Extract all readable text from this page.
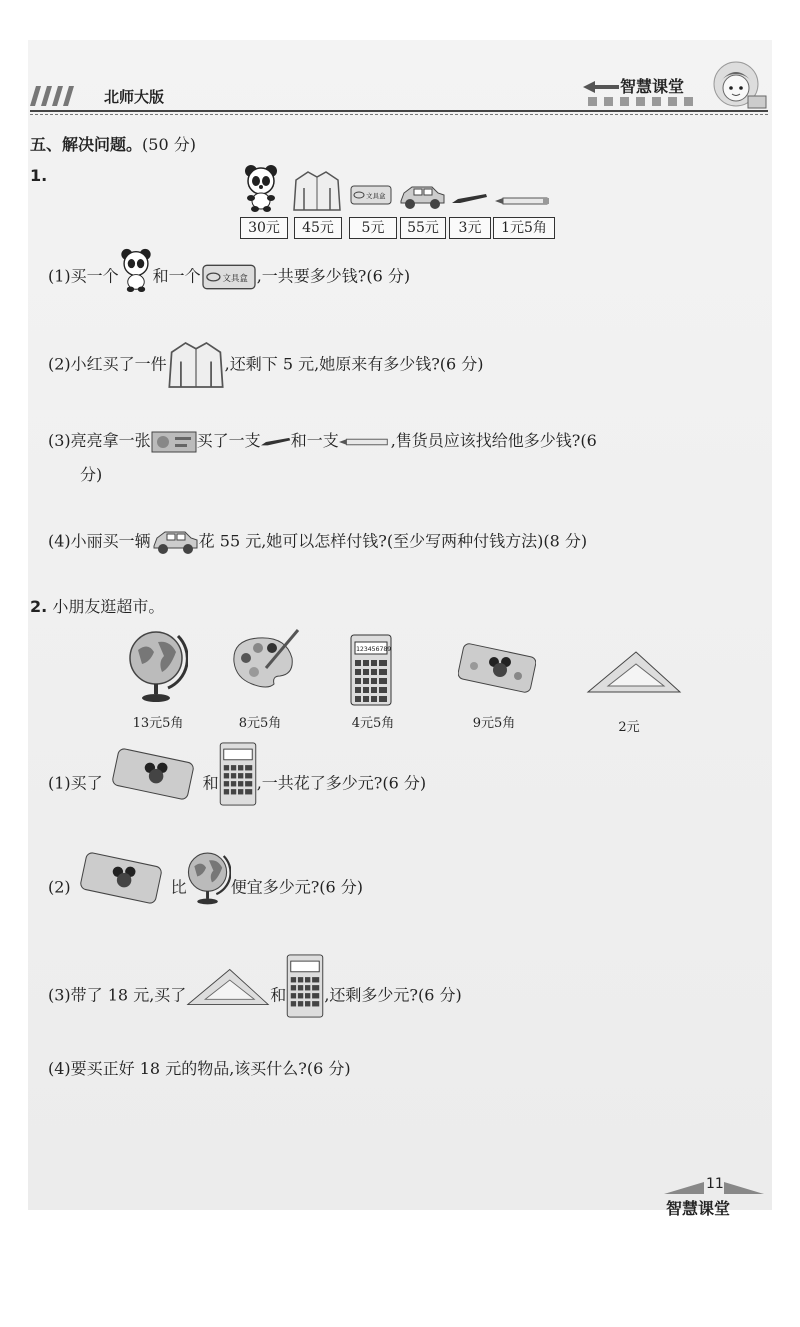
北师大版
智慧课堂
五、解决问题。(50 分)
1.
文具盒
30元	45元	5元	55元	3元	1元5角
(1)买一个 和一个	文具盒 ,一共要多少钱?(6 分)
(2)小红买了一件	,还剩下 5 元,她原来有多少钱?(6 分)
(3)亮亮拿一张	买了一支 和一支	,售货员应该找给他多少钱?(6
分)
(4)小丽买一辆	花 55 元,她可以怎样付钱?(至少写两种付钱方法)(8 分)
2. 小朋友逛超市。
123456789
13元5角	8元5角	4元5角	9元5角	2元
(1)买了	和 ,一共花了多少元?(6 分)
(2)	比	便宜多少元?(6 分)
(3)带了 18 元,买了	和 ,还剩多少元?(6 分)
(4)要买正好 18 元的物品,该买什么?(6 分)
11
智慧课堂
